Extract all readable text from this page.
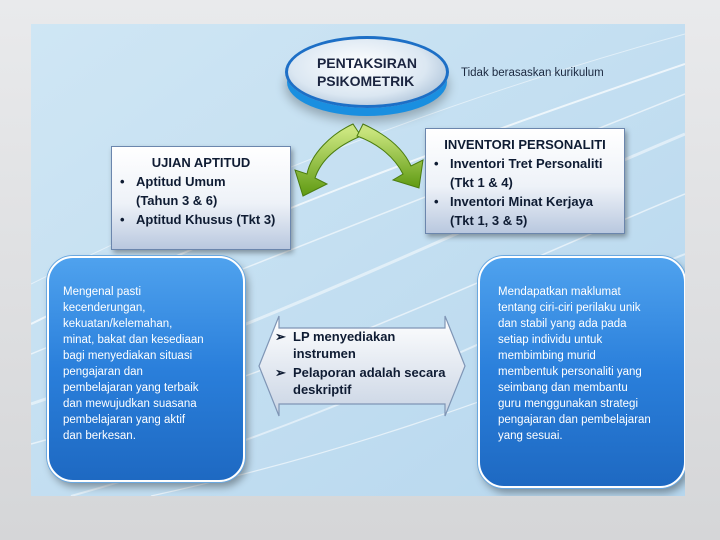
PENTAKSIRAN
PSIKOMETRIK	Tidak berasaskan kurikulum
UJIAN APTITUD
• Aptitud Umum
(Tahun 3 & 6)
• Aptitud Khusus (Tkt 3)
INVENTORI PERSONALITI
• Inventori Tret Personaliti
(Tkt 1 & 4)
• Inventori Minat Kerjaya
(Tkt 1, 3 & 5)
Mengenal pasti
kecenderungan,
kekuatan/kelemahan,
minat, bakat dan kesediaan
bagi menyediakan situasi
pengajaran dan
pembelajaran yang terbaik
dan mewujudkan suasana
pembelajaran yang aktif
dan berkesan.
Mendapatkan maklumat
tentang ciri-ciri perilaku unik
dan stabil yang ada pada
setiap individu untuk
membimbing murid
membentuk personaliti yang
seimbang dan membantu
guru menggunakan strategi
pengajaran dan pembelajaran
yang sesuai.
➢ LP menyediakan
instrumen
➢ Pelaporan adalah secara
deskriptif
